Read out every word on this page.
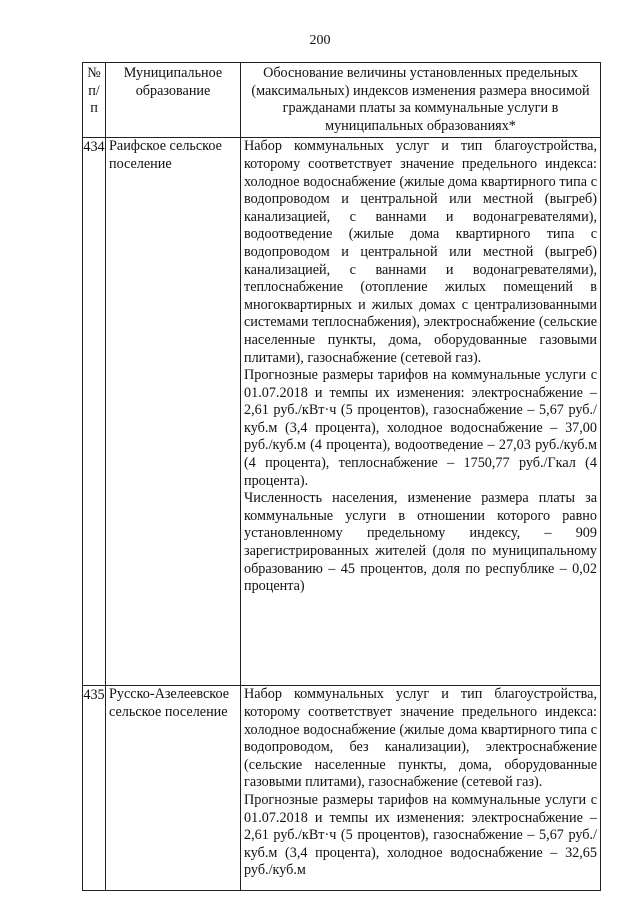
200
№ п/п	Муниципальное образование	Обоснование величины установленных предельных (максимальных) индексов изменения размера вносимой гражданами платы за коммунальные услуги в муниципальных образованиях*
434	Раифское сельское поселение	Набор коммунальных услуг и тип благоустройства, которому соответствует значение предельного индекса: холодное водоснабжение (жилые дома квартирного типа с водопроводом и центральной или местной (выгреб) канализацией, с ваннами и водонагревателями), водоотведение (жилые дома квартирного типа с водопроводом и центральной или местной (выгреб) канализацией, с ваннами и водонагревателями), теплоснабжение (отопление жилых помещений в многоквартирных и жилых домах с централизованными системами теплоснабжения), электроснабжение (сельские населенные пункты, дома, оборудованные газовыми плитами), газоснабжение (сетевой газ).

Прогнозные размеры тарифов на коммунальные услуги с 01.07.2018 и темпы их изменения: электроснабжение – 2,61 руб./кВт·ч (5 процентов), газоснабжение – 5,67 руб./куб.м (3,4 процента), холодное водоснабжение – 37,00 руб./куб.м (4 процента), водоотведение – 27,03 руб./куб.м (4 процента), теплоснабжение – 1750,77 руб./Гкал (4 процента).

Численность населения, изменение размера платы за коммунальные услуги в отношении которого равно установленному предельному индексу, – 909 зарегистрированных жителей (доля по муниципальному образованию – 45 процентов, доля по республике – 0,02 процента)

435	Русско-Азелеевское сельское поселение	Набор коммунальных услуг и тип благоустройства, которому соответствует значение предельного индекса: холодное водоснабжение (жилые дома квартирного типа с водопроводом, без канализации), электроснабжение (сельские населенные пункты, дома, оборудованные газовыми плитами), газоснабжение (сетевой газ).

Прогнозные размеры тарифов на коммунальные услуги с 01.07.2018 и темпы их изменения: электроснабжение – 2,61 руб./кВт·ч (5 процентов), газоснабжение – 5,67 руб./куб.м (3,4 процента), холодное водоснабжение – 32,65 руб./куб.м
